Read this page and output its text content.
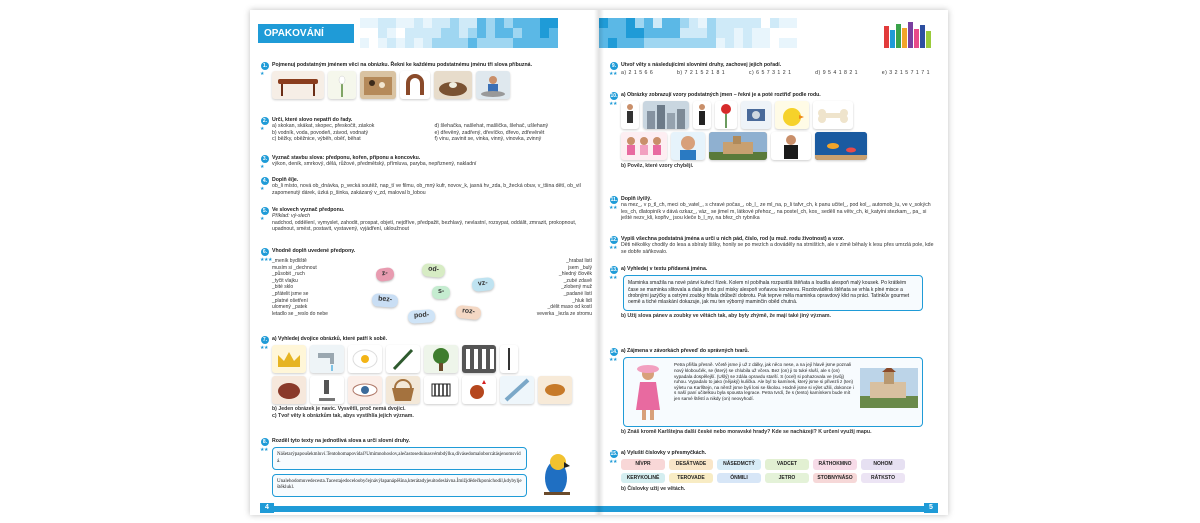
OPAKOVÁNÍ
1.
★
Pojmenuj podstatným jménem věci na obrázku. Řekni ke každému podstatnému jménu tři slova příbuzná.
2.
★
Urči, které slovo nepatří do řady.
a) skokan, skákat, skopec, přeskočit, záskok
b) vodník, voda, povodeň, závod, vodnatý
c) běžky, oběžnice, výběh, oběť, běhat
d) šlehačka, našlehat, mašlička, šlehač, ušlehaný
e) dřevěný, zadřený, dřevíčko, dřevo, zdřevěnět
f) vinu, zavinit se, vinka, vinný, vinovka, zvinný
3.
★
Vyznač stavbu slova: předponu, kořen, příponu a koncovku.
výkon, deník, smrkový, dělá, růžové, předmětský, přímluva, paryba, nepřiznený, nakladní
4.
★
Doplň ě/je.
ob_li místo, nová ob_dnávka, p_vecká soutěž, nap_tí ve filmu, ob_mný kufr, novov_k, jasná hv_zda, b_žecká obuv, v_tšina dětí, ob_vil zapomenutý dárek, úzká p_šinka, zakázaný v_zd, maloval b_lobou
5.
★
Ve slovech vyznač předponu.
Příklad: vý-slech
nadchod, oddělení, vymyslet, zahodit, prospat, objetí, nejdříve, předpažit, bezhlavý, nevlastní, rozsypat, oddálit, zmrazit, prokopnout, upadnout, smést, postavit, vystavený, vyjádření, ukloužnout
6.
★★★
Vhodně doplň uvedené předpony.
_meník bydliště
musím si _dechnout
_působit _ruch
_tyčit vlajku
_bité sklo
_přátelit jsme se
_platné ošetření
ulomený _patek
letadlo se _reslo do nebe
z-
od-
s-
vz-
bez-
pod-	roz-
_hrabat listí
jsem _bulý
_hledný člověk
_zubé zdavě
_zlobený muž
_padané listí
_hluk lidí
_délit maso od kostí
veverka _lezla ze stromu
7.
★★
a) Vyhledej dvojice obrázků, které patří k sobě.
b) Jeden obrázek je navíc. Vysvětli, proč nemá dvojici.
c) Tvoř věty k obrázkům tak, abys vystihl/a jejich význam.
8.
★★
Rozděl tyto texty na jednotlivá slova a urči slovní druhy.
Nášetarýpapoušekmluví.Tentohomapovídal?Umímnohoslov,alečastoseduinasvémbdýlku,dívásedomaloborcátásjenomsvídá.
Unalehodomuvedecesta.Tacestajedoceloobyčejnávýlapanápěšína,kterátadyjeuitodeslávna.Ìmižjdědečkponichodil,kdybylještěklukl.
4
9.
★★
Utvoř věty s následujícími slovními druhy, zachovej jejich pořadí.
a) 2 1 5 6 6	b) 7 2 1 5 2 1 8 1	c) 6 5 7 3 1 2 1	d) 9 5 4 1 8 2 1	e) 3 2 1 5 7 1 7 1
10.
★★
a) Obrázky zobrazují vzory podstatných jmen – řekni je a poté roztřiď podle rodu.
b) Pověz, které vzory chybějí.
11.
★★
Doplň i/y/í/ý.
na mez_, v p_tl_ch, meci ob_vatel_, s chravé počas_, ob_l_ ze ml_na, p_li tafvr_ch, k panu učitel_, pod kol_, automob_lu, ve v_sokých les_ch, dlatopiník v dává ozkaz_, váz_ se jimel m, látkové přehoz_, na postel_ch, kos_ sedělí na větv_ch, ki_katyini stezkam_, pa_ si ješté nezv_kli, kopřiv_ jsou kleče b_l_ny, na břez_ch rybníka
12.
★★
Vypiš všechna podstatná jména a urči u nich pád, číslo, rod (u muž. rodu životnost) a vzor.
Děti několiky chodily do lesa a sbíraly šišky, honily se po mezích a dováděly na strništích, ale v zimě běhaly k lesu přes umrzlá pole, kde se dobře sáňkovalo.
13.
★★
a) Vyhledej v textu přídavná jména.
Maminka smažila na nové pánvi kuřecí řízek. Kolem ní pobíhala rozpustilá štěňata a loudila alespoň malý kousek. Po krátkém čase se maminka slitovala a dala jim do psí misky alespoň voňavou konzervu. Rozdováděná štěňata se vrhla k plné misce a drobnými jazýčky a ostrými zoubky hltala drůbeží dobrotu. Pak teprve měla maminka opravdový klid na práci. Tatínkův gourmet oemě a tiché mlaskání dokazuje, jak mu ten výborný maminčin oběd chutná.
b) Užij slova pánev a zoubky ve větách tak, aby byly zhýmě, že mají také jiný význam.
14.
★★
a) Zájmena v závorkách převeď do správných tvarů.
Petra přišla přesně. Včetě jsme ji už z dálky, jak něco nese, a na její hlavě jsme poznali nový kloboučék, se (který) se chlubila už včera. Bez (on) ji to tuké sluší, ale s (on) vypadala dospělejší. (Ušlý) se zdála opravdu starší. S (ocel) si pohazovala ve (svůj) ruhou. Vypadalo to jako (nějaký) kuličkа. Ale byl to kamínek, který jsme si přivezli z (ten) výletu na Karlštejn, na němž jsme byli loni se školou. Hodně jsme si výlet užili, dokonce i s naší paní učitelkou byla spousta legrace. Petra tvrdí, že s (tento) kamínkem bude mít jen samé štěstí a nikdy (on) neovyhodí.
b) Znáš kromě Karlštejna další české nebo moravské hrady? Kde se nacházejí? K určení využij mapu.
15.
★★
a) Vyluští číslovky v přesmyčkách.
NÍVPR	DESÁTVADE	NÁSEDMCTÝ	VADCET	RÁTHOKMNO	NOHOM
KERYKOLINÉ	TEROVADE	ÓNMILI	JETRO	STOBNYNÁSO	RÁTKSTO
b) Číslovky užij ve větách.
5
